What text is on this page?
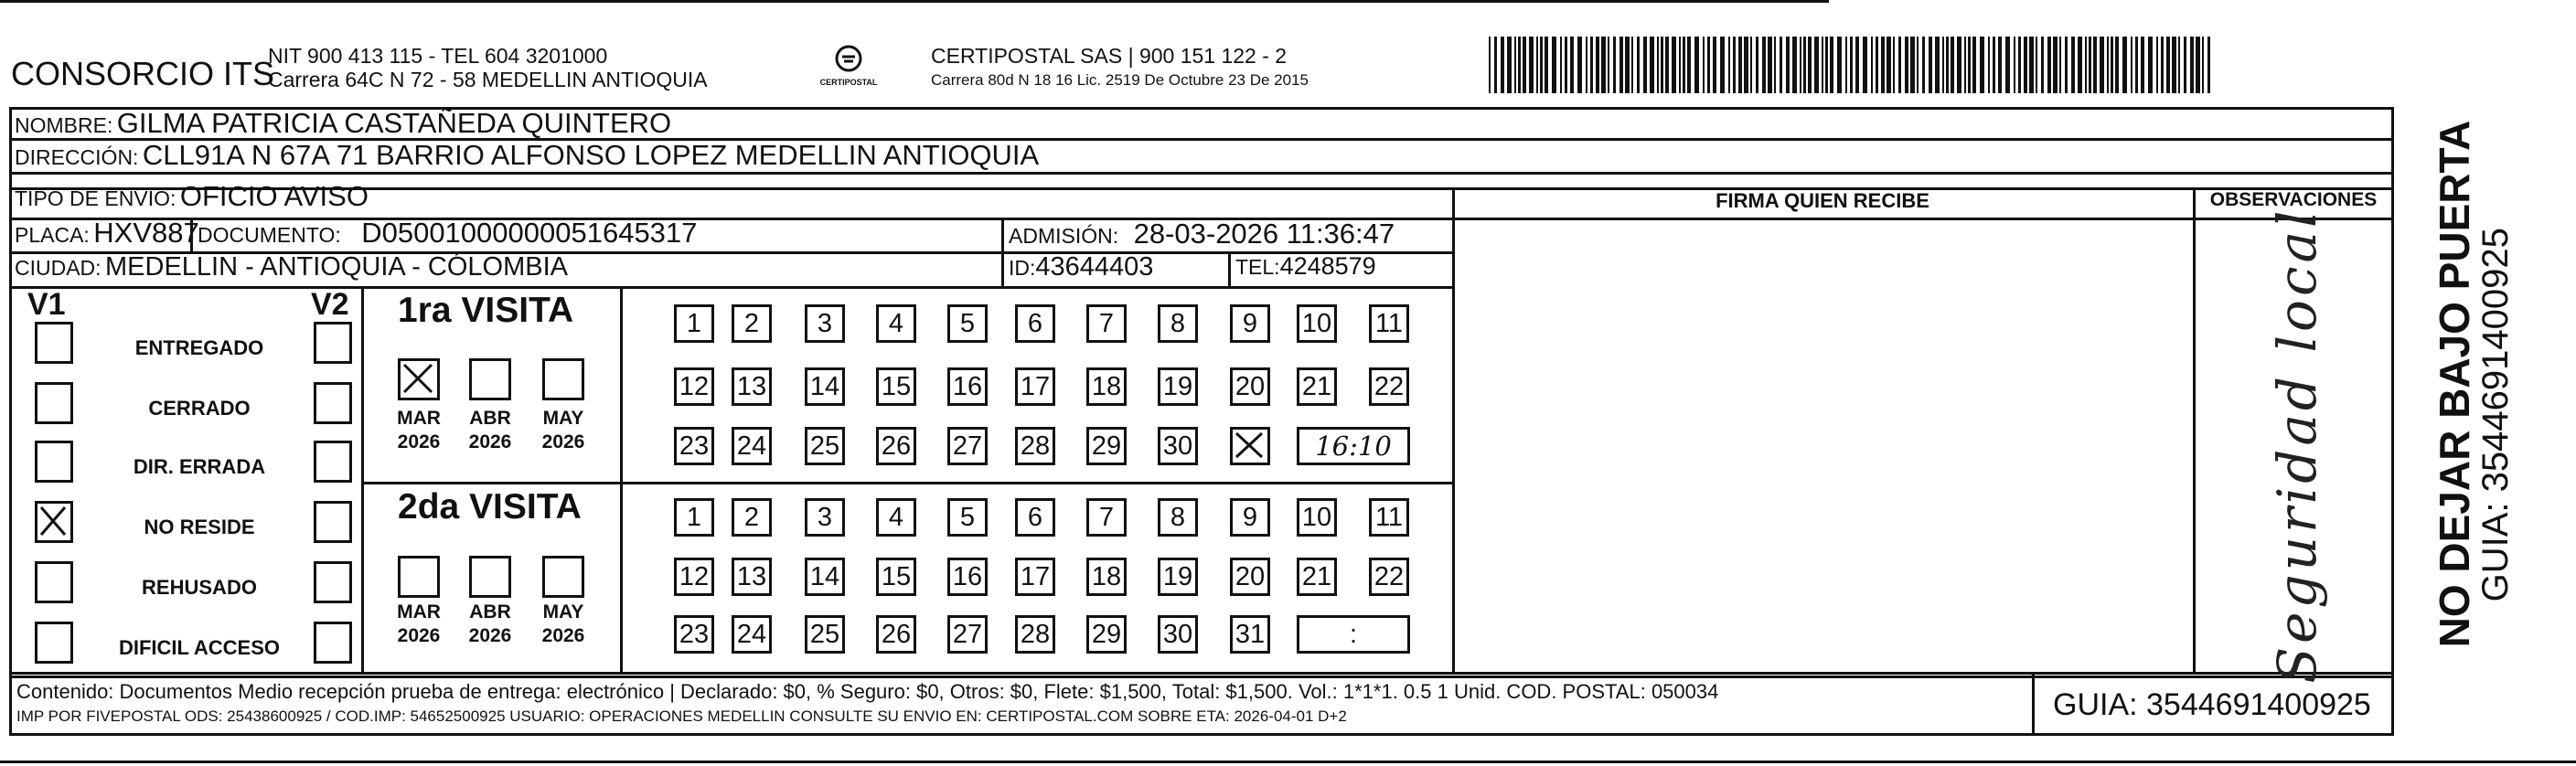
CONSORCIO ITS
NIT 900 413 115 - TEL 604 3201000
Carrera 64C N 72 - 58 MEDELLIN ANTIOQUIA	CERTIPOSTAL
CERTIPOSTAL SAS | 900 151 122 - 2
Carrera 80d N 18 16 Lic. 2519 De Octubre 23 De 2015
NOMBRE: GILMA PATRICIA CASTAÑEDA QUINTERO
DIRECCIÓN: CLL91A N 67A 71 BARRIO ALFONSO LOPEZ MEDELLIN ANTIOQUIA
TIPO DE ENVIO: OFICIO AVISO
PLACA: HXV887
DOCUMENTO: D05001000000051645317	ADMISIÓN: 28-03-2026 11:36:47
CIUDAD: MEDELLIN - ANTIOQUIA - CÓLOMBIA	ID:43644403	TEL:4248579
FIRMA QUIEN RECIBE	OBSERVACIONES
Seguridad local
V1	V2
ENTREGADO
CERRADO
DIR. ERRADA
NO RESIDE
REHUSADO
DIFICIL ACCESO
1ra VISITA
MAR
2026
ABR
2026
MAY
2026
1	2	3	4	5	6	7	8	9	10 11
12 13 14 15 16 17 18 19 20 21 22
23 24 25 26 27 28 29 30	16:10
2da VISITA
MAR
2026
ABR
2026
MAY
2026
1	2	3	4	5	6	7	8	9	10 11
12 13 14 15 16 17 18 19 20 21 22
23 24 25 26 27 28 29 30 31	:
Contenido: Documentos Medio recepción prueba de entrega: electrónico | Declarado: $0, % Seguro: $0, Otros: $0, Flete: $1,500, Total: $1,500. Vol.: 1*1*1. 0.5 1 Unid. COD. POSTAL: 050034
IMP POR FIVEPOSTAL ODS: 25438600925 / COD.IMP: 54652500925 USUARIO: OPERACIONES MEDELLIN CONSULTE SU ENVIO EN: CERTIPOSTAL.COM SOBRE ETA: 2026-04-01 D+2	GUIA: 3544691400925
NO DEJAR BAJO PUERTA
GUIA: 3544691400925
